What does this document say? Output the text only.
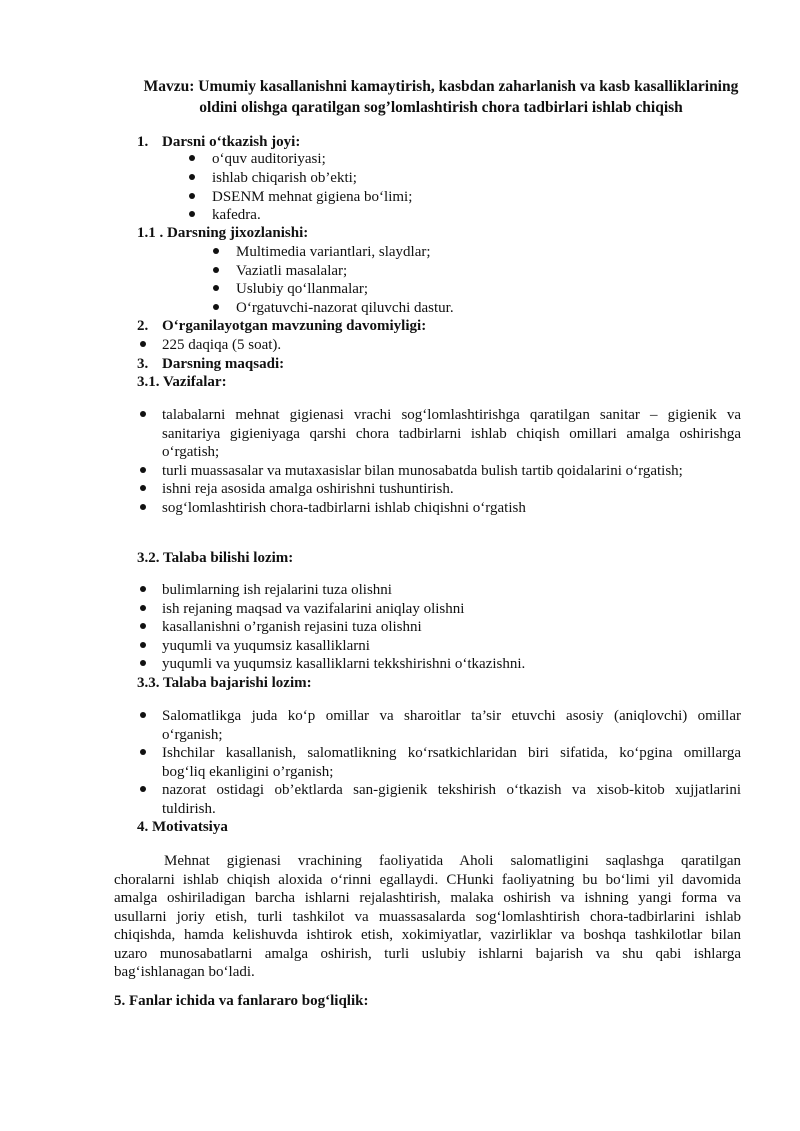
Mavzu: Umumiy kasallanishni kamaytirish, kasbdan zaharlanish va kasb kasalliklarining
oldini olishga qaratilgan sog’lomlashtirish chora tadbirlari ishlab chiqish
1. Darsni o‘tkazish joyi:
o‘quv auditoriyasi;
ishlab chiqarish ob’ekti;
DSENM mehnat gigiena bo‘limi;
kafedra.
1.1 . Darsning jixozlanishi:
Multimedia variantlari, slaydlar;
Vaziatli masalalar;
Uslubiy qo‘llanmalar;
O‘rgatuvchi-nazorat qiluvchi dastur.
2. O‘rganilayotgan mavzuning davomiyligi:
225 daqiqa (5 soat).
3. Darsning maqsadi:
3.1. Vazifalar:
talabalarni mehnat gigienasi vrachi sog‘lomlashtirishga qaratilgan sanitar – gigienik va
sanitariya gigieniyaga qarshi chora tadbirlarni ishlab chiqish omillari amalga oshirishga
o‘rgatish;
turli muassasalar va mutaxasislar bilan munosabatda bulish tartib qoidalarini o‘rgatish;
ishni reja asosida amalga oshirishni tushuntirish.
sog‘lomlashtirish chora-tadbirlarni ishlab chiqishni o‘rgatish
3.2. Talaba bilishi lozim:
bulimlarning ish rejalarini tuza olishni
ish rejaning maqsad va vazifalarini aniqlay olishni
kasallanishni o’rganish rejasini tuza olishni
yuqumli va yuqumsiz kasalliklarni
yuqumli va yuqumsiz kasalliklarni tekkshirishni o‘tkazishni.
3.3. Talaba bajarishi lozim:
Salomatlikga juda ko‘p omillar va sharoitlar ta’sir etuvchi asosiy (aniqlovchi) omillar
o‘rganish;
Ishchilar kasallanish, salomatlikning ko‘rsatkichlaridan biri sifatida, ko‘pgina omillarga
bog‘liq ekanligini o’rganish;
nazorat ostidagi ob’ektlarda san-gigienik tekshirish o‘tkazish va xisob-kitob xujjatlarini
tuldirish.
4. Motivatsiya
Mehnat gigienasi vrachining faoliyatida Aholi salomatligini saqlashga qaratilgan
choralarni ishlab chiqish aloxida o‘rinni egallaydi. CHunki faoliyatning bu bo‘limi yil davomida
amalga oshiriladigan barcha ishlarni rejalashtirish, malaka oshirish va ishning yangi forma va
usullarni joriy etish, turli tashkilot va muassasalarda sog‘lomlashtirish chora-tadbirlarini ishlab
chiqishda, hamda kelishuvda ishtirok etish, xokimiyatlar, vazirliklar va boshqa tashkilotlar bilan
uzaro munosabatlarni amalga oshirish, turli uslubiy ishlarni bajarish va shu qabi ishlarga
bag‘ishlanagan bo‘ladi.
5. Fanlar ichida va fanlararo bog‘liqlik:
